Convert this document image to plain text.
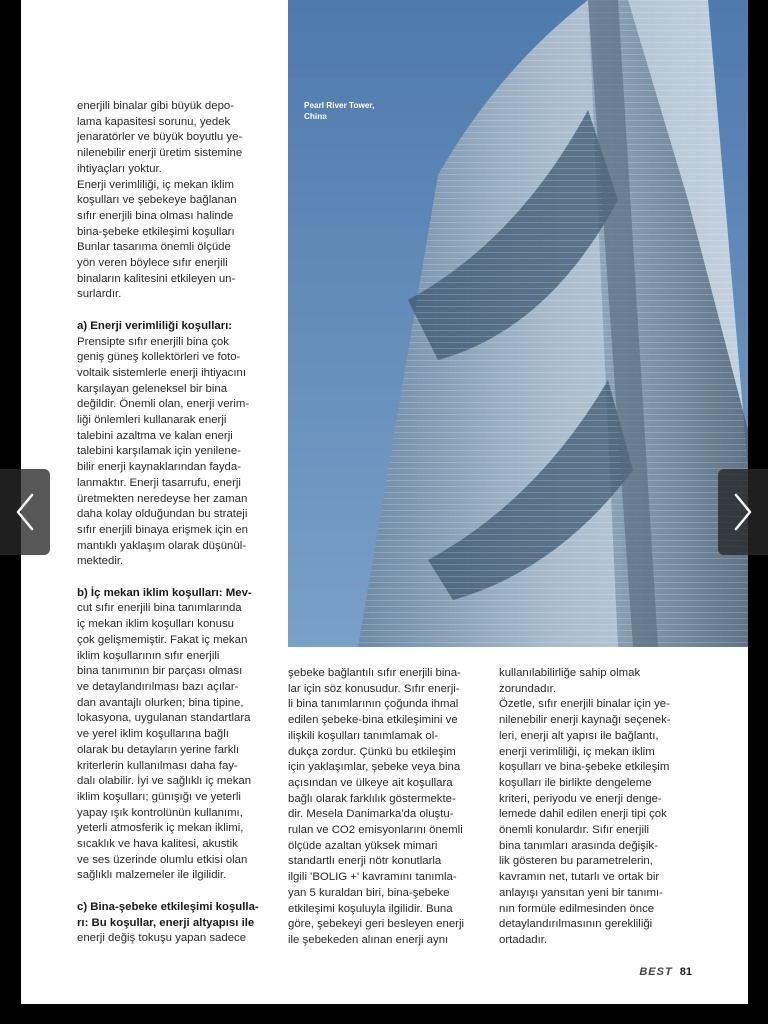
enerjili binalar gibi büyük depo-

lama kapasitesi sorunu, yedek

jenaratörler ve büyük boyutlu ye-

nilenebilir enerji üretim sistemine

ihtiyaçları yoktur.

Enerji verimliliği, iç mekan iklim

koşulları ve şebekeye bağlanan

sıfır enerjili bina olması halinde

bina-şebeke etkileşimi koşulları

Bunlar tasarıma önemli ölçüde

yön veren böylece sıfır enerjili

binaların kalitesini etkileyen un-

surlardır.

a) Enerji verimliliği koşulları:

Prensipte sıfır enerjili bina çok

geniş güneş kollektörleri ve foto-

voltaik sistemlerle enerji ihtiyacını

karşılayan geleneksel bir bina

değildir. Önemli olan, enerji verim-

liği önlemleri kullanarak enerji

talebini azaltma ve kalan enerji

talebini karşılamak için yenilene-

bilir enerji kaynaklarından fayda-

lanmaktır. Enerji tasarrufu, enerji

üretmekten neredeyse her zaman

daha kolay olduğundan bu strateji

sıfır enerjili binaya erişmek için en

mantıklı yaklaşım olarak düşünül-

mektedir.

b) İç mekan iklim koşulları: Mev-

cut sıfır enerjili bina tanımlarında

iç mekan iklim koşulları konusu

çok gelişmemiştir. Fakat iç mekan

iklim koşullarının sıfır enerjili

bina tanımının bir parçası olması

ve detaylandırılması bazı açılar-

dan avantajlı olurken; bina tipine,

lokasyona, uygulanan standartlara

ve yerel iklim koşullarına bağlı

olarak bu detayların yerine farklı

kriterlerin kullanılması daha fay-

dalı olabilir. İyi ve sağlıklı iç mekan

iklim koşulları; günışığı ve yeterli

yapay ışık kontrolünün kullanımı,

yeterli atmosferik iç mekan iklimi,

sıcaklık ve hava kalitesi, akustik

ve ses üzerinde olumlu etkisi olan

sağlıklı malzemeler ile ilgilidir.

c) Bina-şebeke etkileşimi koşulla-

rı: Bu koşullar, enerji altyapısı ile

enerji değiş tokuşu yapan sadece

Pearl River Tower,
China

şebeke bağlantılı sıfır enerjili bina-

lar için söz konusudur. Sıfır enerji-

li bina tanımlarının çoğunda ihmal

edilen şebeke-bina etkileşimini ve

ilişkili koşulları tanımlamak ol-

dukça zordur. Çünkü bu etkileşim

için yaklaşımlar, şebeke veya bina

açısından ve ülkeye ait koşullara

bağlı olarak farklılık göstermekte-

dir. Mesela Danimarka'da oluştu-

rulan ve CO2 emisyonlarını önemli

ölçüde azaltan yüksek mimari

standartlı enerji nötr konutlarla

ilgili 'BOLIG +' kavramını tanımla-

yan 5 kuraldan biri, bina-şebeke

etkileşimi koşuluyla ilgilidir. Buna

göre, şebekeyi geri besleyen enerji

ile şebekeden alınan enerji aynı

kullanılabilirliğe sahip olmak

zorundadır.

Özetle, sıfır enerjili binalar için ye-

nilenebilir enerji kaynağı seçenek-

leri, enerji alt yapısı ile bağlantı,

enerji verimliliği, iç mekan iklim

koşulları ve bina-şebeke etkileşim

koşulları ile birlikte dengeleme

kriteri, periyodu ve enerji denge-

lemede dahil edilen enerji tipi çok

önemli konulardır. Sıfır enerjili

bina tanımları arasında değişik-

lik gösteren bu parametrelerin,

kavramın net, tutarlı ve ortak bir

anlayışı yansıtan yeni bir tanımı-

nın formüle edilmesinden önce

detaylandırılmasının gerekliliği

ortadadır.

BEST 81
